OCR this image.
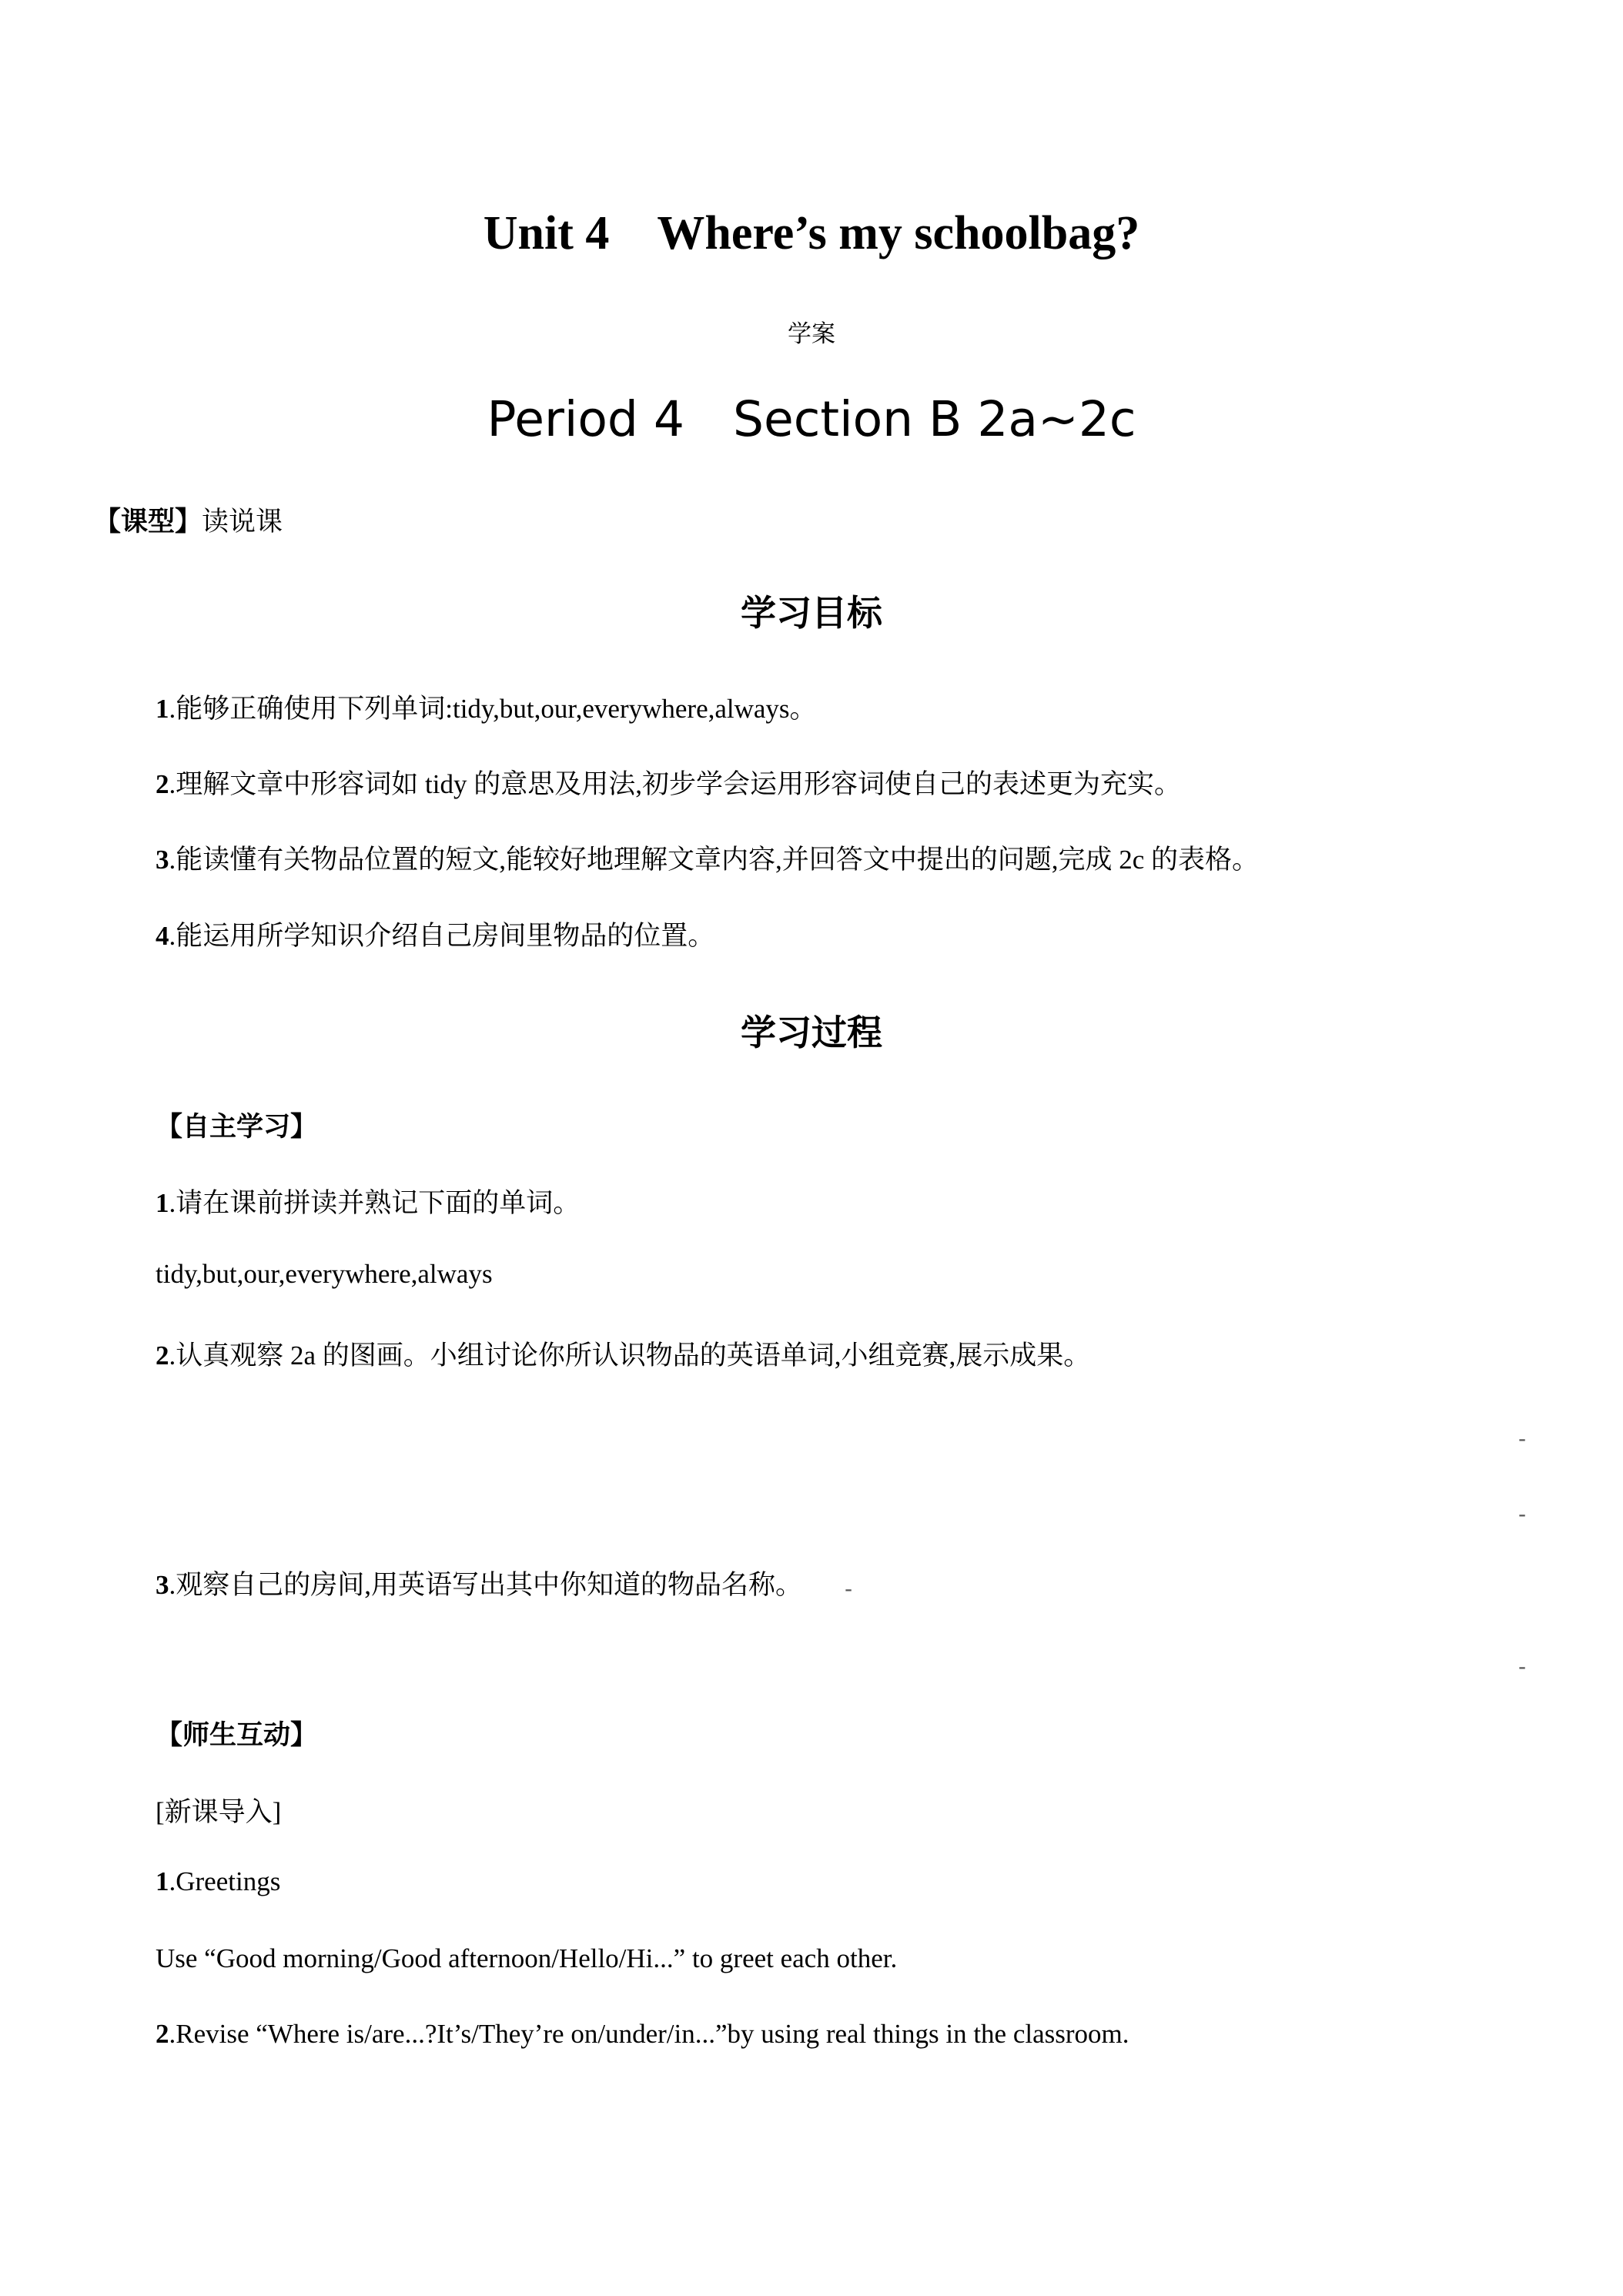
Unit 4 Where’s my schoolbag?
学案
Period 4 Section B 2a~2c
【课型】读说课
学习目标
1.能够正确使用下列单词:tidy,but,our,everywhere,always。
2.理解文章中形容词如 tidy 的意思及用法,初步学会运用形容词使自己的表述更为充实。
3.能读懂有关物品位置的短文,能较好地理解文章内容,并回答文中提出的问题,完成 2c 的表格。
4.能运用所学知识介绍自己房间里物品的位置。
学习过程
【自主学习】
1.请在课前拼读并熟记下面的单词。
tidy,but,our,everywhere,always
2.认真观察 2a 的图画。小组讨论你所认识物品的英语单词,小组竞赛,展示成果。
-
-
3.观察自己的房间,用英语写出其中你知道的物品名称。 -
-
【师生互动】
[新课导入]
1.Greetings
Use “Good morning/Good afternoon/Hello/Hi...” to greet each other.
2.Revise “Where is/are...?It’s/They’re on/under/in...”by using real things in the classroom.
